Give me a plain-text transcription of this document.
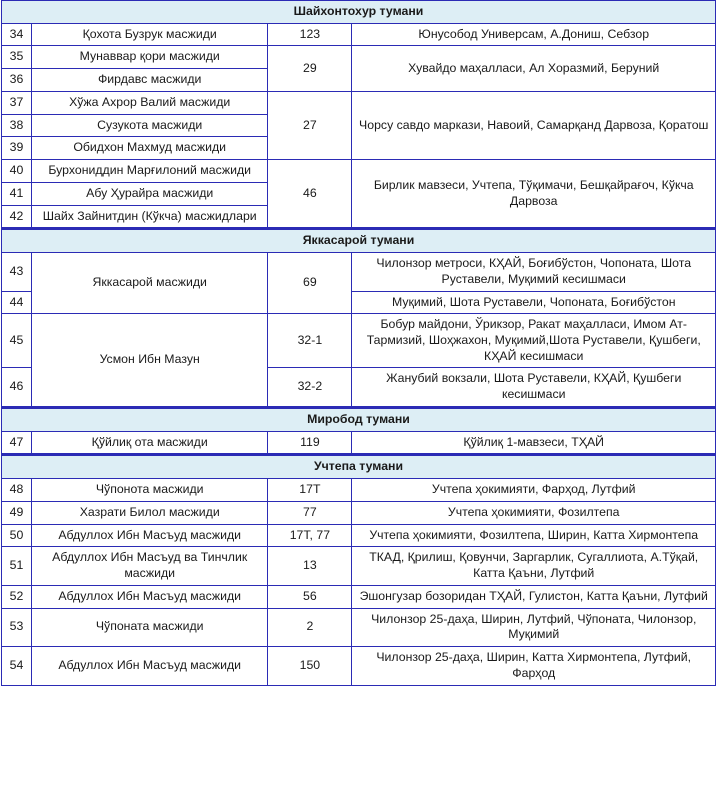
Шайхонтохур тумани			
34	Қохота Бузрук масжиди	123	Юнусобод Универсам, А.Дониш, Себзор
35	Мунаввар қори масжиди	29	Хувайдо маҳалласи, Ал Хоразмий, Беруний
36	Фирдавс масжиди		
37	Хўжа Ахрор Валий масжиди	27	Чорсу савдо маркази, Навоий, Самарқанд Дарвоза, Қоратош
38	Сузукота масжиди		
39	Обидхон Махмуд масжиди		
40	Бурхониддин Марғилоний масжиди	46	Бирлик мавзеси, Учтепа, Тўқимачи, Бешқайрағоч, Кўкча Дарвоза
41	Абу Ҳурайра масжиди		
42	Шайх Зайнитдин (Кўкча) масжидлари		
Яккасарой тумани			
43	Яккасарой масжиди	69	Чилонзор метроси, КҲАЙ, Боғибўстон, Чопоната, Шота Руставели, Муқимий кесишмаси
44			Муқимий, Шота Руставели, Чопоната, Боғибўстон
45	Усмон Ибн Мазун	32-1	Бобур майдони, Ўрикзор, Ракат маҳалласи, Имом Ат-Тармизий, Шоҳжахон, Муқимий,Шота Руставели, Қушбеги, КҲАЙ кесишмаси
46		32-2	Жанубий вокзали, Шота Руставели, КҲАЙ, Қушбеги кесишмаси
Миробод тумани			
47	Қўйлиқ ота масжиди	119	Қўйлиқ 1-мавзеси, ТҲАЙ
Учтепа тумани			
48	Чўпонота масжиди	17Т	Учтепа ҳокимияти, Фарҳод, Лутфий
49	Хазрати Билол масжиди	77	Учтепа ҳокимияти, Фозилтепа
50	Абдуллох Ибн Масъуд масжиди	17Т, 77	Учтепа ҳокимияти, Фозилтепа, Ширин, Катта Хирмонтепа
51	Абдуллох Ибн Масъуд ва Тинчлик масжиди	13	ТКАД, Қрилиш, Қовунчи, Заргарлик, Сугаллиота, А.Тўқай, Катта Қаъни, Лутфий
52	Абдуллох Ибн Масъуд масжиди	56	Эшонгузар бозоридан ТҲАЙ, Гулистон, Катта Қаъни, Лутфий
53	Чўпоната масжиди	2	Чилонзор 25-даҳа, Ширин, Лутфий, Чўпоната, Чилонзор, Муқимий
54	Абдуллох Ибн Масъуд масжиди	150	Чилонзор 25-даҳа, Ширин, Катта Хирмонтепа, Лутфий, Фарҳод
